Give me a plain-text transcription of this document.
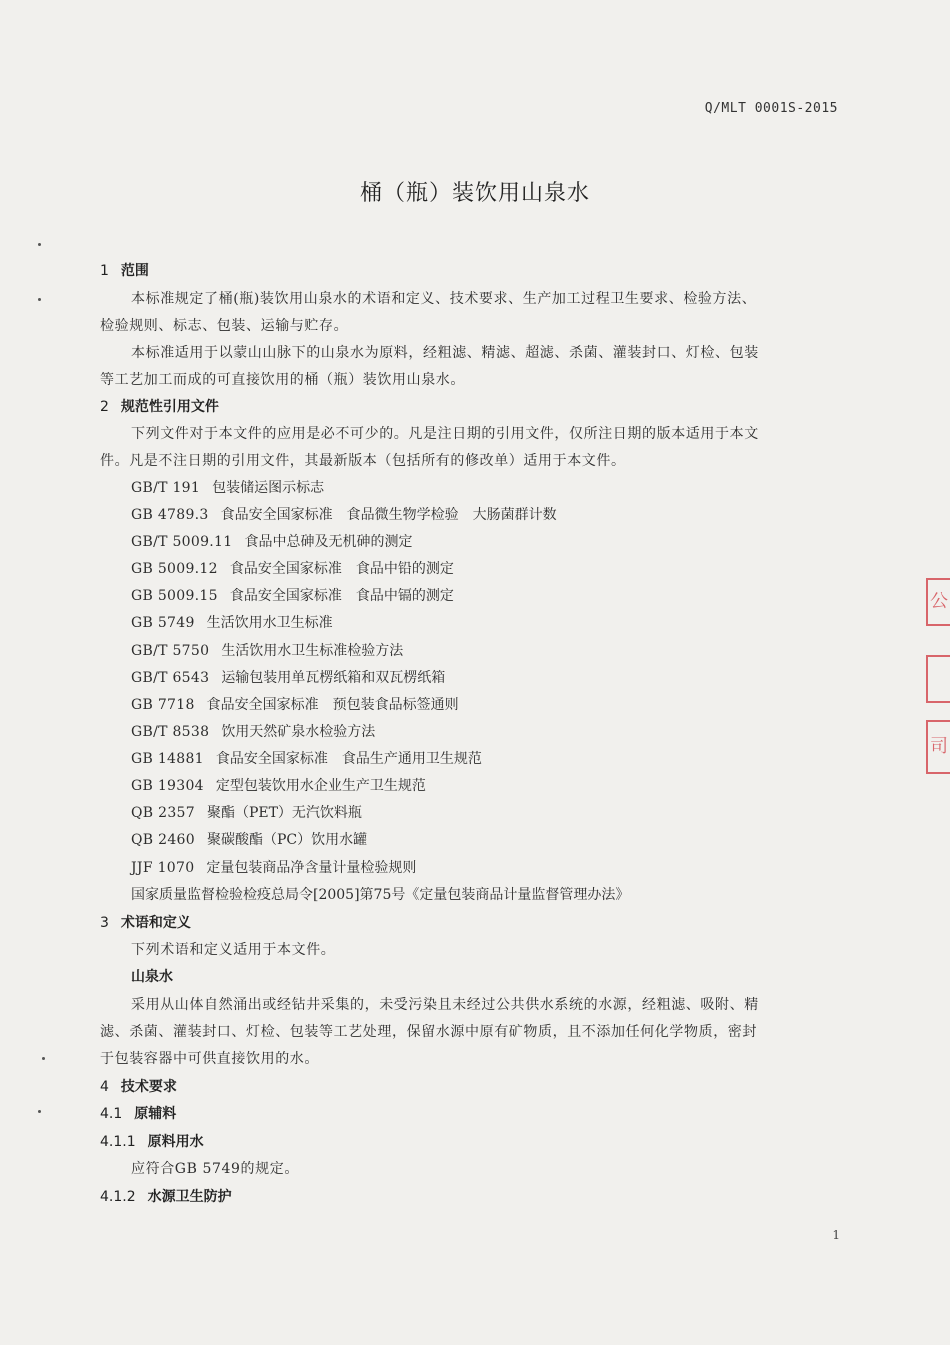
Q/MLT 0001S-2015
桶（瓶）装饮用山泉水
1 范围
本标准规定了桶(瓶)装饮用山泉水的术语和定义、技术要求、生产加工过程卫生要求、检验方法、
检验规则、标志、包装、运输与贮存。
本标准适用于以蒙山山脉下的山泉水为原料，经粗滤、精滤、超滤、杀菌、灌装封口、灯检、包装
等工艺加工而成的可直接饮用的桶（瓶）装饮用山泉水。
2 规范性引用文件
下列文件对于本文件的应用是必不可少的。凡是注日期的引用文件，仅所注日期的版本适用于本文
件。凡是不注日期的引用文件，其最新版本（包括所有的修改单）适用于本文件。
GB/T 191 包装储运图示标志
GB 4789.3 食品安全国家标准　食品微生物学检验　大肠菌群计数
GB/T 5009.11 食品中总砷及无机砷的测定
GB 5009.12 食品安全国家标准　食品中铅的测定
GB 5009.15 食品安全国家标准　食品中镉的测定
GB 5749 生活饮用水卫生标准
GB/T 5750 生活饮用水卫生标准检验方法
GB/T 6543 运输包装用单瓦楞纸箱和双瓦楞纸箱
GB 7718 食品安全国家标准　预包装食品标签通则
GB/T 8538 饮用天然矿泉水检验方法
GB 14881 食品安全国家标准　食品生产通用卫生规范
GB 19304 定型包装饮用水企业生产卫生规范
QB 2357 聚酯（PET）无汽饮料瓶
QB 2460 聚碳酸酯（PC）饮用水罐
JJF 1070 定量包装商品净含量计量检验规则
国家质量监督检验检疫总局令[2005]第75号《定量包装商品计量监督管理办法》
3 术语和定义
下列术语和定义适用于本文件。
山泉水
采用从山体自然涌出或经钻井采集的，未受污染且未经过公共供水系统的水源，经粗滤、吸附、精
滤、杀菌、灌装封口、灯检、包装等工艺处理，保留水源中原有矿物质，且不添加任何化学物质，密封
于包装容器中可供直接饮用的水。
4 技术要求
4.1 原辅料
4.1.1 原料用水
应符合GB 5749的规定。
4.1.2 水源卫生防护
1
公
司
